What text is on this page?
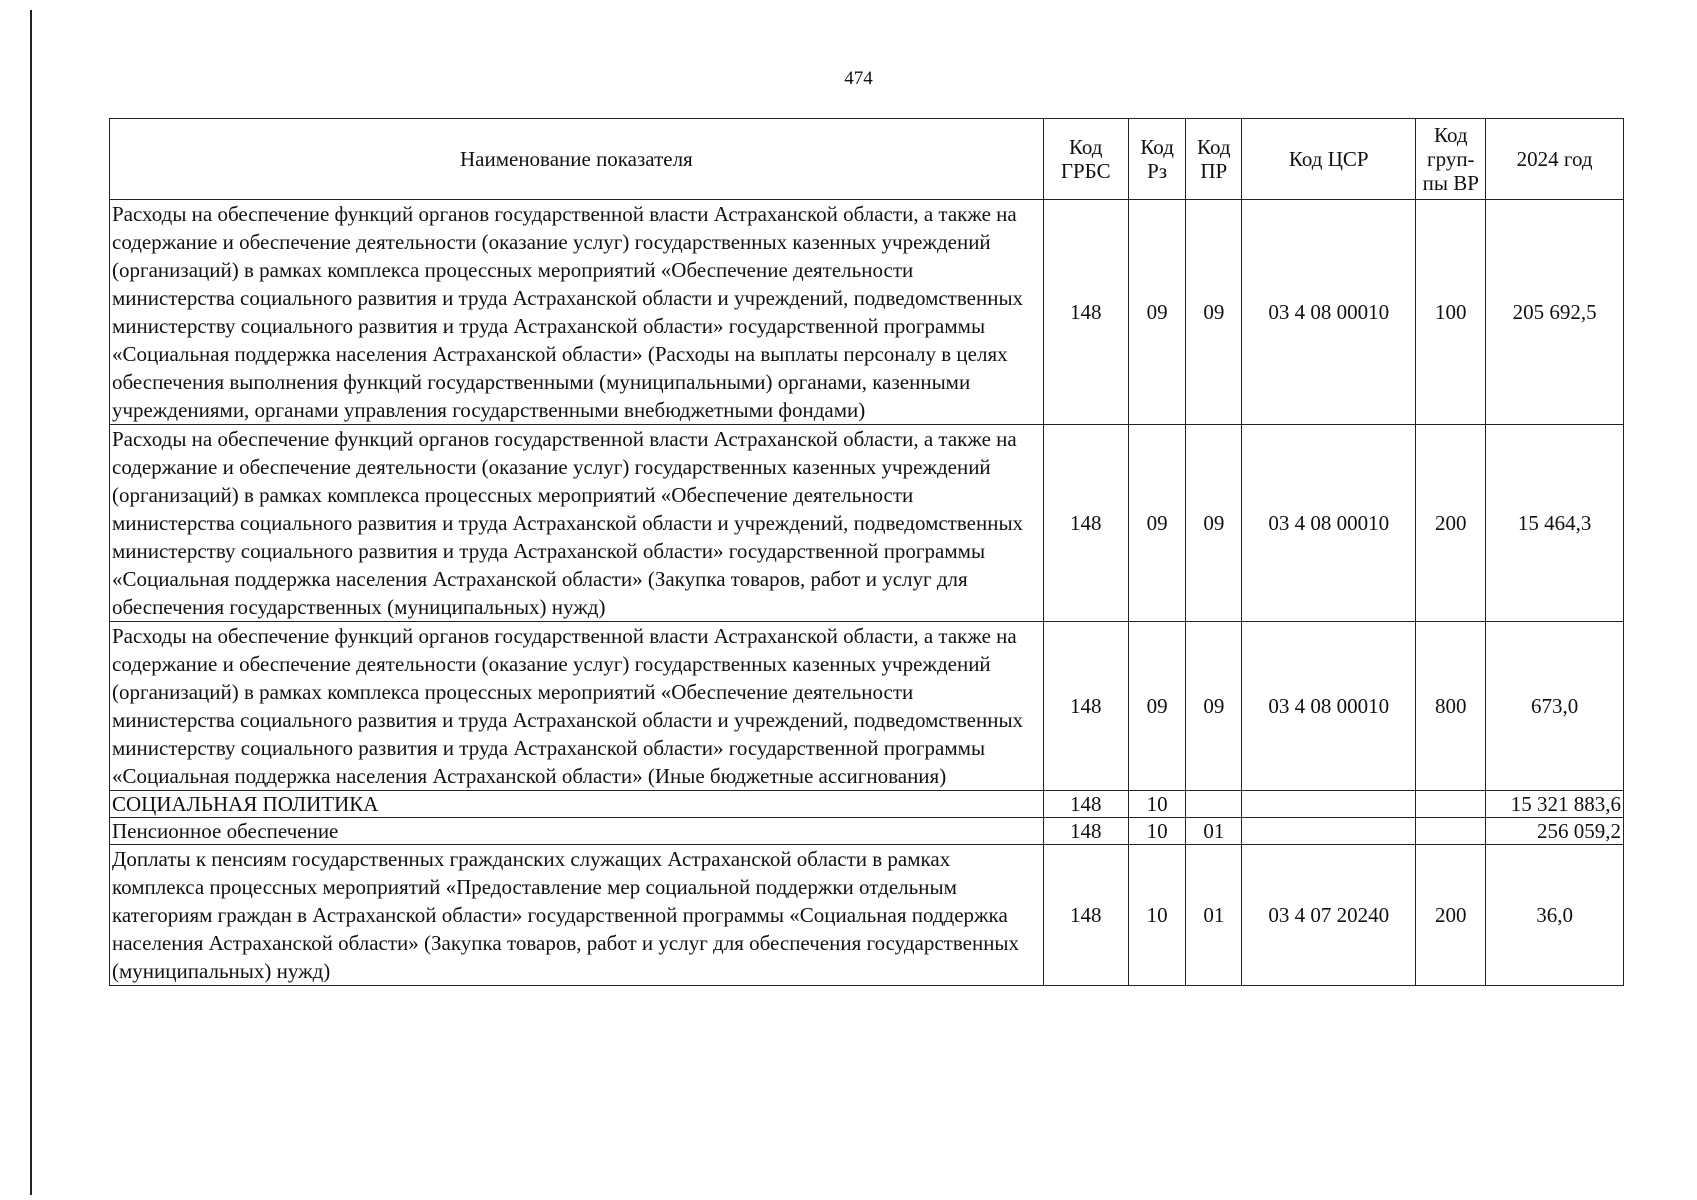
474
Наименование показателя	Код ГРБС	Код Рз	Код ПР	Код ЦСР	Код груп-пы ВР	2024 год
Расходы на обеспечение функций органов государственной власти Астраханской области, а также на содержание и обеспечение деятельности (оказание услуг) государственных казенных учреждений (организаций) в рамках комплекса процессных мероприятий «Обеспечение деятельности министерства социального развития и труда Астраханской области и учреждений, подведомственных министерству социального развития и труда Астраханской области» государственной программы «Социальная поддержка населения Астраханской области» (Расходы на выплаты персоналу в целях обеспечения выполнения функций государственными (муниципальными) органами, казенными учреждениями, органами управления государственными внебюджетными фондами)	148	09	09	03 4 08 00010	100	205 692,5
Расходы на обеспечение функций органов государственной власти Астраханской области, а также на содержание и обеспечение деятельности (оказание услуг) государственных казенных учреждений (организаций) в рамках комплекса процессных мероприятий «Обеспечение деятельности министерства социального развития и труда Астраханской области и учреждений, подведомственных министерству социального развития и труда Астраханской области» государственной программы «Социальная поддержка населения Астраханской области» (Закупка товаров, работ и услуг для обеспечения государственных (муниципальных) нужд)	148	09	09	03 4 08 00010	200	15 464,3
Расходы на обеспечение функций органов государственной власти Астраханской области, а также на содержание и обеспечение деятельности (оказание услуг) государственных казенных учреждений (организаций) в рамках комплекса процессных мероприятий «Обеспечение деятельности министерства социального развития и труда Астраханской области и учреждений, подведомственных министерству социального развития и труда Астраханской области» государственной программы «Социальная поддержка населения Астраханской области» (Иные бюджетные ассигнования)	148	09	09	03 4 08 00010	800	673,0
СОЦИАЛЬНАЯ ПОЛИТИКА	148	10				15 321 883,6
Пенсионное обеспечение	148	10	01			256 059,2
Доплаты к пенсиям государственных гражданских служащих Астраханской области в рамках комплекса процессных мероприятий «Предоставление мер социальной поддержки отдельным категориям граждан в Астраханской области» государственной программы «Социальная поддержка населения Астраханской области» (Закупка товаров, работ и услуг для обеспечения государственных (муниципальных) нужд)	148	10	01	03 4 07 20240	200	36,0
